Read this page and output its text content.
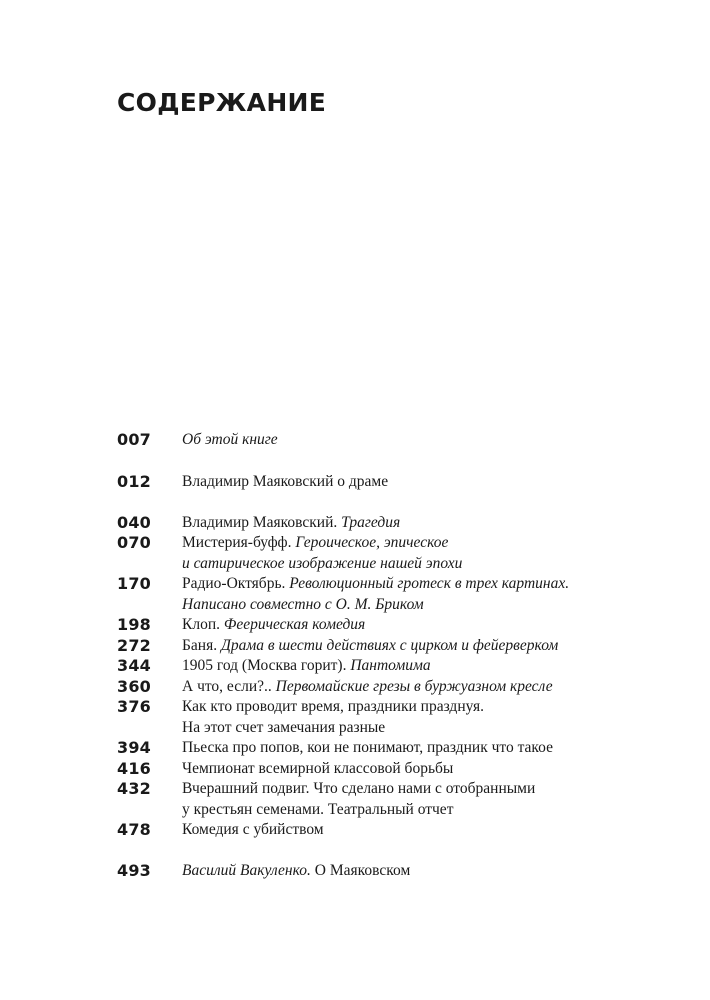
СОДЕРЖАНИЕ
007 Об этой книге
012 Владимир Маяковский о драме
040 Владимир Маяковский. Трагедия
070 Мистерия-буфф. Героическое, эпическое
и сатирическое изображение нашей эпохи
170 Радио-Октябрь. Революционный гротеск в трех картинах.
Написано совместно с О. М. Бриком
198 Клоп. Феерическая комедия
272 Баня. Драма в шести действиях с цирком и фейерверком
344 1905 год (Москва горит). Пантомима
360 А что, если?.. Первомайские грезы в буржуазном кресле
376 Как кто проводит время, праздники празднуя.
На этот счет замечания разные
394 Пьеска про попов, кои не понимают, праздник что такое
416 Чемпионат всемирной классовой борьбы
432 Вчерашний подвиг. Что сделано нами с отобранными
у крестьян семенами. Театральный отчет
478 Комедия с убийством
493 Василий Вакуленко. О Маяковском
